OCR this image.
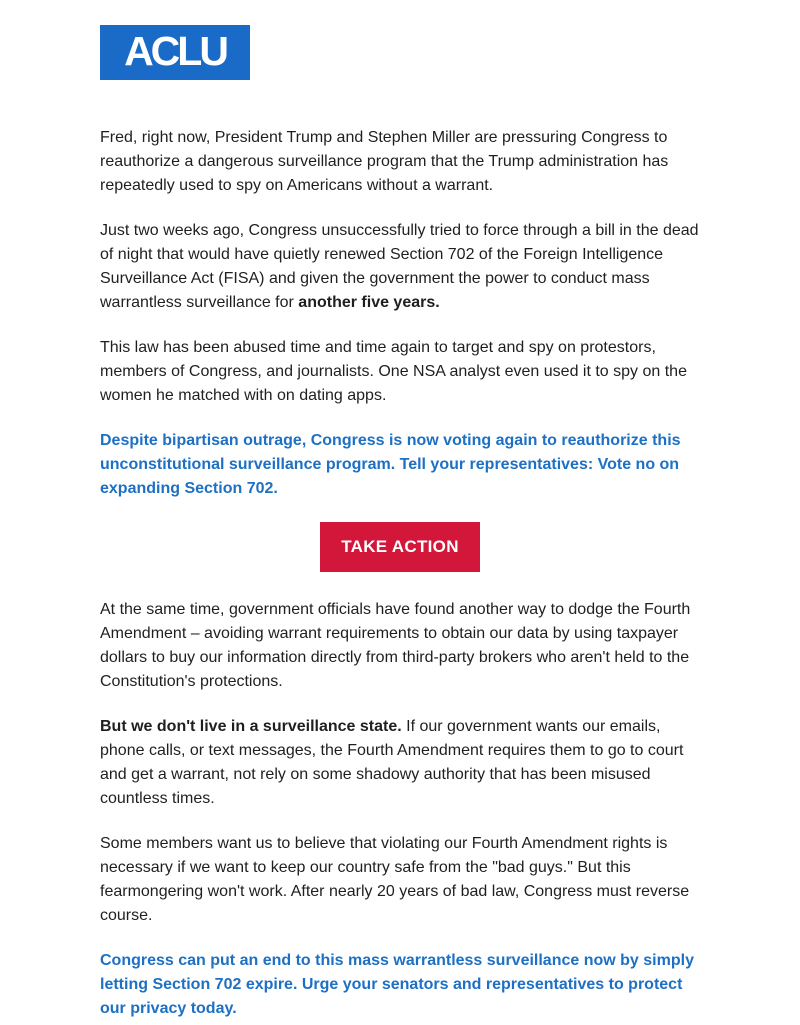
ACLU

Fred, right now, President Trump and Stephen Miller are pressuring Congress to reauthorize a dangerous surveillance program that the Trump administration has repeatedly used to spy on Americans without a warrant.

Just two weeks ago, Congress unsuccessfully tried to force through a bill in the dead of night that would have quietly renewed Section 702 of the Foreign Intelligence Surveillance Act (FISA) and given the government the power to conduct mass warrantless surveillance for another five years.

This law has been abused time and time again to target and spy on protestors, members of Congress, and journalists. One NSA analyst even used it to spy on the women he matched with on dating apps.

Despite bipartisan outrage, Congress is now voting again to reauthorize this unconstitutional surveillance program. Tell your representatives: Vote no on expanding Section 702.

TAKE ACTION

At the same time, government officials have found another way to dodge the Fourth Amendment – avoiding warrant requirements to obtain our data by using taxpayer dollars to buy our information directly from third-party brokers who aren't held to the Constitution's protections.

But we don't live in a surveillance state. If our government wants our emails, phone calls, or text messages, the Fourth Amendment requires them to go to court and get a warrant, not rely on some shadowy authority that has been misused countless times.

Some members want us to believe that violating our Fourth Amendment rights is necessary if we want to keep our country safe from the "bad guys." But this fearmongering won't work. After nearly 20 years of bad law, Congress must reverse course.

Congress can put an end to this mass warrantless surveillance now by simply letting Section 702 expire. Urge your senators and representatives to protect our privacy today.
